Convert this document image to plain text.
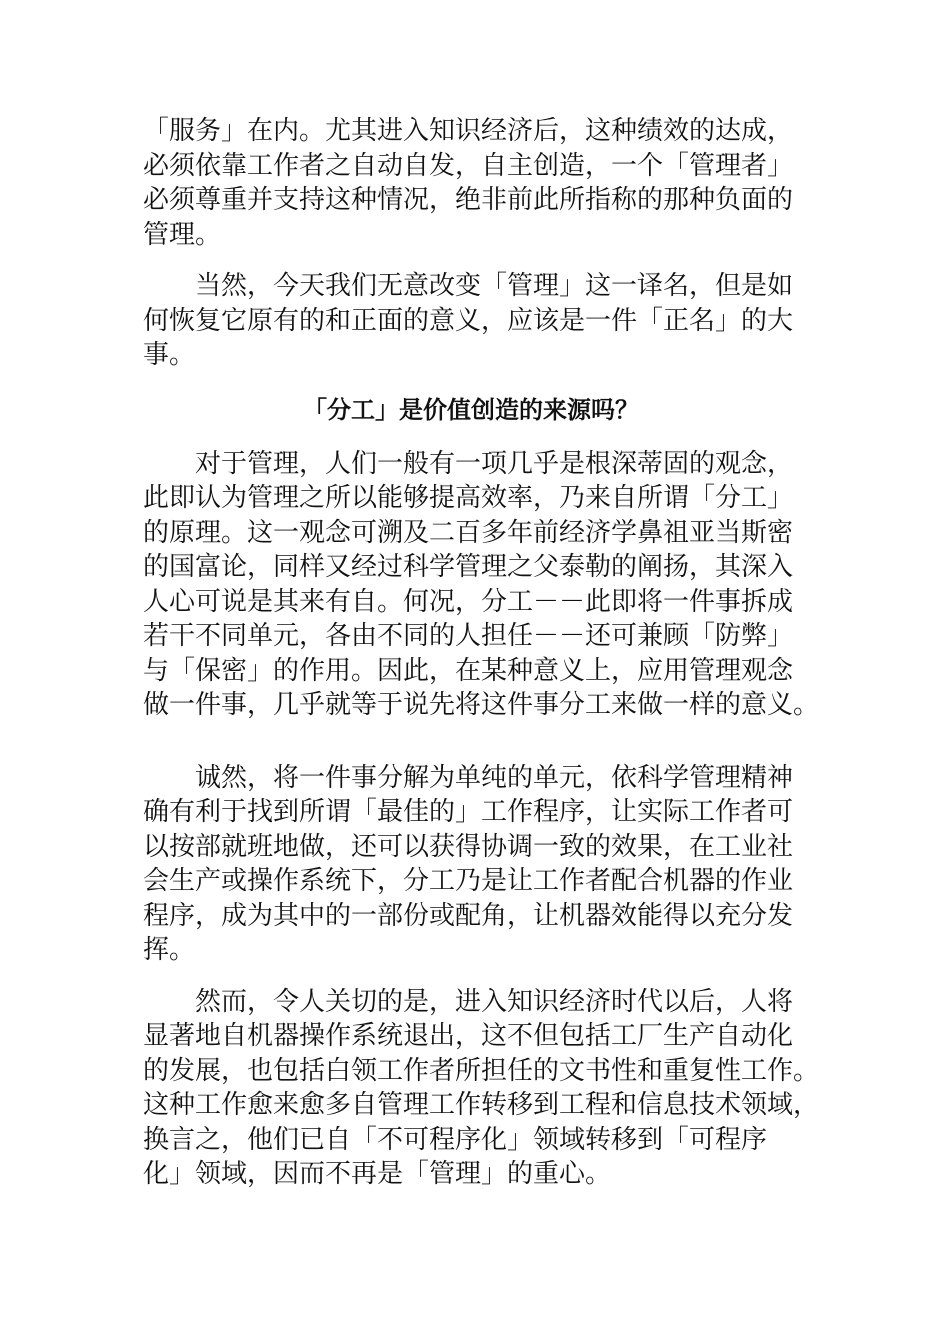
「服务」在内。尤其进入知识经济后，这种绩效的达成，
必须依靠工作者之自动自发，自主创造，一个「管理者」
必须尊重并支持这种情况，绝非前此所指称的那种负面的
管理。

　　当然，今天我们无意改变「管理」这一译名，但是如
何恢复它原有的和正面的意义，应该是一件「正名」的大
事。

「分工」是价值创造的来源吗？

　　对于管理，人们一般有一项几乎是根深蒂固的观念，
此即认为管理之所以能够提高效率，乃来自所谓「分工」
的原理。这一观念可溯及二百多年前经济学鼻祖亚当斯密
的国富论，同样又经过科学管理之父泰勒的阐扬，其深入
人心可说是其来有自。何况，分工－－此即将一件事拆成
若干不同单元，各由不同的人担任－－还可兼顾「防弊」
与「保密」的作用。因此，在某种意义上，应用管理观念
做一件事，几乎就等于说先将这件事分工来做一样的意义。

　　诚然，将一件事分解为单纯的单元，依科学管理精神
确有利于找到所谓「最佳的」工作程序，让实际工作者可
以按部就班地做，还可以获得协调一致的效果，在工业社
会生产或操作系统下，分工乃是让工作者配合机器的作业
程序，成为其中的一部份或配角，让机器效能得以充分发
挥。

　　然而，令人关切的是，进入知识经济时代以后，人将
显著地自机器操作系统退出，这不但包括工厂生产自动化
的发展，也包括白领工作者所担任的文书性和重复性工作。
这种工作愈来愈多自管理工作转移到工程和信息技术领域，
换言之，他们已自「不可程序化」领域转移到「可程序
化」领域，因而不再是「管理」的重心。
